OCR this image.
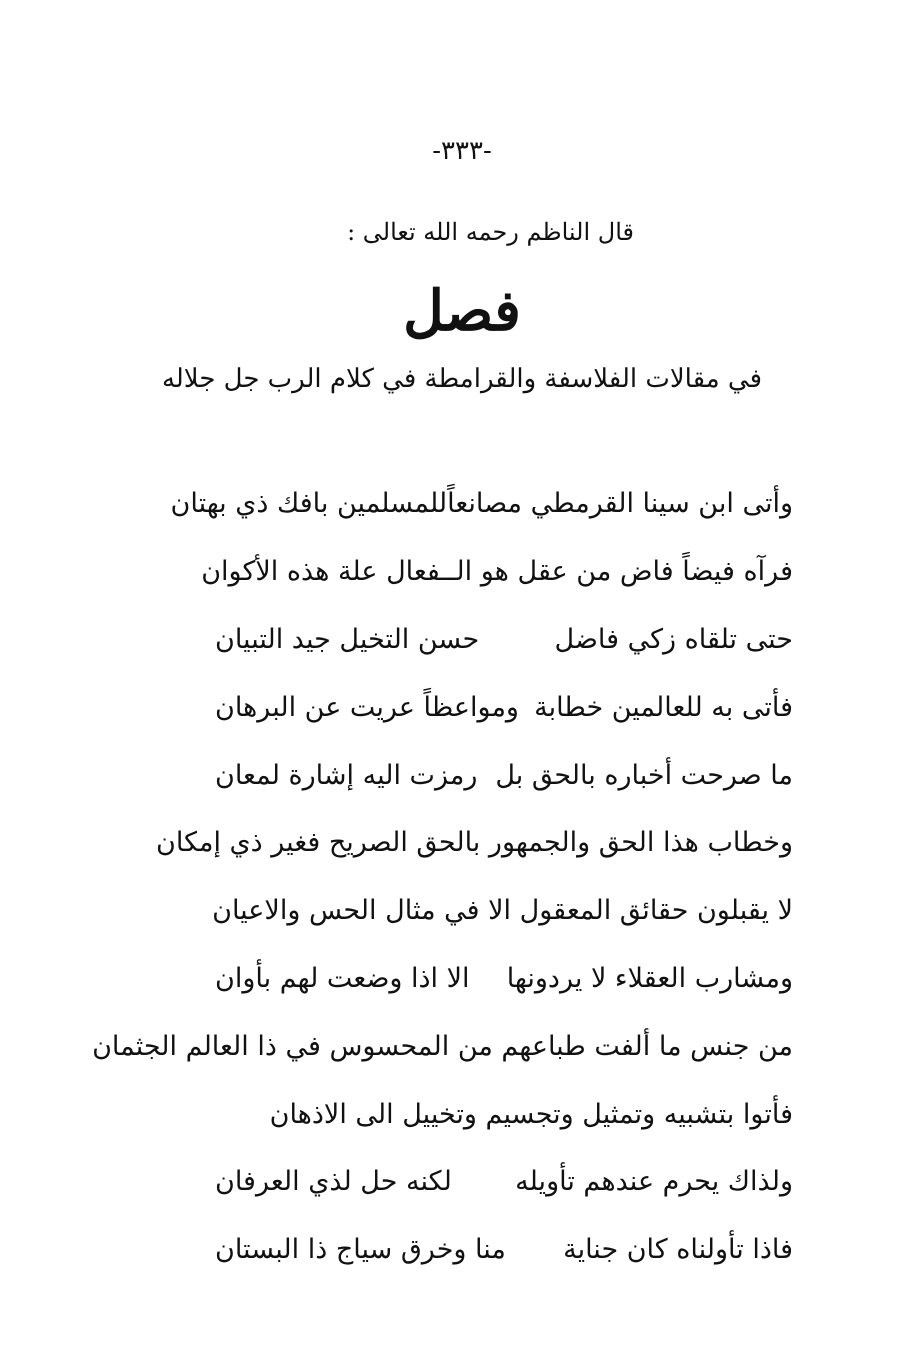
-٣٣٣-
قال الناظم رحمه الله تعالى :
فصل
في مقالات الفلاسفة والقرامطة في كلام الرب جل جلاله
وأتى ابن سينا القرمطي مصانعاً
للمسلمين بافك ذي بهتان
فرآه فيضاً فاض من عقل هو الـ
ـفعال علة هذه الأكوان
حتى تلقاه زكي فاضل
حسن التخيل جيد التبيان
فأتى به للعالمين خطابة
ومواعظاً عريت عن البرهان
ما صرحت أخباره بالحق بل
رمزت اليه إشارة لمعان
وخطاب هذا الحق والجمهور بالحق الصريح فغير ذي إمكان
لا يقبلون حقائق المعقول الا في مثال الحس والاعيان
ومشارب العقلاء لا يردونها
الا اذا وضعت لهم بأوان
من جنس ما ألفت طباعهم من المحسوس في ذا العالم الجثمان
فأتوا بتشبيه وتمثيل وتجسيم وتخييل الى الاذهان
ولذاك يحرم عندهم تأويله
لكنه حل لذي العرفان
فاذا تأولناه كان جناية
منا وخرق سياج ذا البستان
